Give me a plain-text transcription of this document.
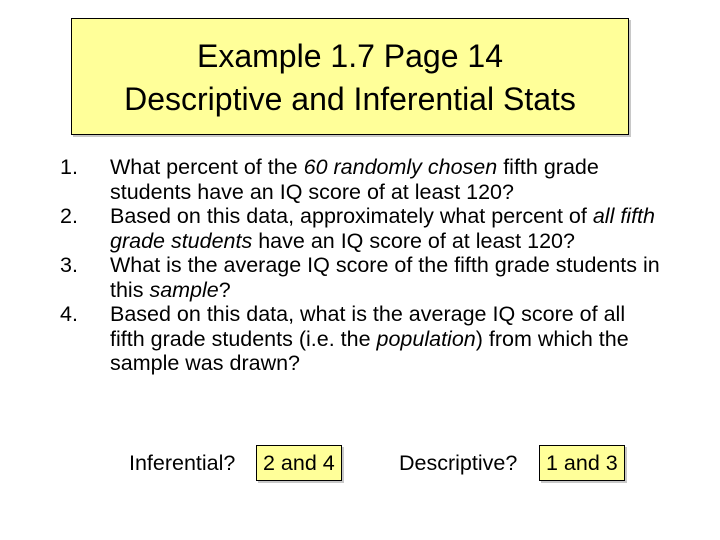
Example 1.7 Page 14
Descriptive and Inferential Stats
1. What percent of the 60 randomly chosen fifth grade students have an IQ score of at least 120?
2. Based on this data, approximately what percent of all fifth grade students have an IQ score of at least 120?
3. What is the average IQ score of the fifth grade students in this sample?
4. Based on this data, what is the average IQ score of all fifth grade students (i.e. the population) from which the sample was drawn?
Inferential?	2 and 4	Descriptive?	1 and 3
